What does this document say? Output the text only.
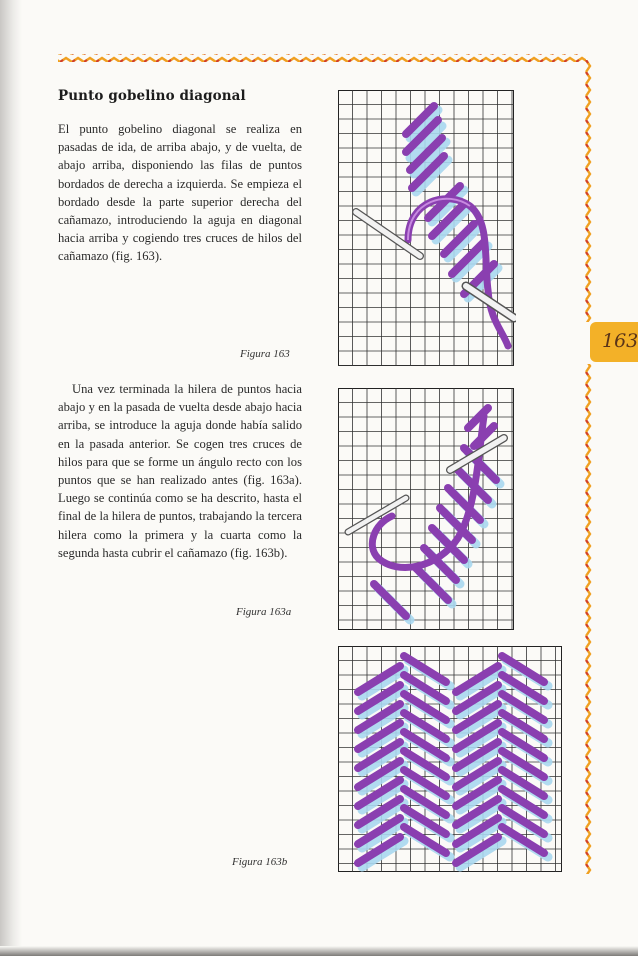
163
Punto gobelino diagonal
El punto gobelino diagonal se realiza en pasadas de ida, de arriba abajo, y de vuelta, de abajo arriba, disponiendo las filas de puntos bordados de derecha a izquierda. Se empieza el bordado desde la parte superior derecha del cañamazo, introduciendo la aguja en diagonal hacia arriba y cogiendo tres cruces de hilos del cañamazo (fig. 163).
Una vez terminada la hilera de puntos hacia abajo y en la pasada de vuelta desde abajo hacia arriba, se introduce la aguja donde había salido en la pasada anterior. Se cogen tres cruces de hilos para que se forme un ángulo recto con los puntos que se han realizado antes (fig. 163a). Luego se continúa como se ha descrito, hasta el final de la hilera de puntos, trabajando la tercera hilera como la primera y la cuarta como la segunda hasta cubrir el cañamazo (fig. 163b).
Figura 163
Figura 163a
Figura 163b
